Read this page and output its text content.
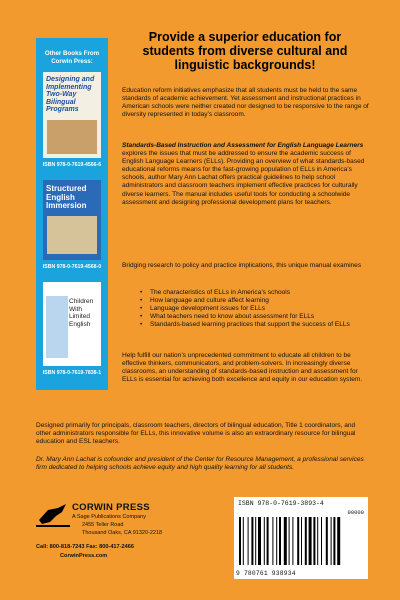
Other Books From Corwin Press:
Designing and Implementing Two-Way Bilingual Programs
ISBN 978-0-7619-4566-6
Structured English Immersion
ISBN 978-0-7619-4568-0
Children With Limited English
ISBN 978-0-7619-7838-1
Provide a superior education for students from diverse cultural and linguistic backgrounds!

Education reform initiatives emphasize that all students must be held to the same standards of academic achievement. Yet assessment and instructional practices in American schools were neither created nor designed to be responsive to the range of diversity represented in today’s classroom.

Standards-Based Instruction and Assessment for English Language Learners explores the issues that must be addressed to ensure the academic success of English Language Learners (ELLs). Providing an overview of what standards-based educational reforms means for the fast-growing population of ELLs in America’s schools, author Mary Ann Lachat offers practical guidelines to help school administrators and classroom teachers implement effective practices for culturally diverse learners. The manual includes useful tools for conducting a schoolwide assessment and designing professional development plans for teachers.

Bridging research to policy and practice implications, this unique manual examines

• The characteristics of ELLs in America’s schools
• How language and culture affect learning
• Language development issues for ELLs
• What teachers need to know about assessment for ELLs
• Standards-based learning practices that support the success of ELLs

Help fulfill our nation’s unprecedented commitment to educate all children to be effective thinkers, communicators, and problem-solvers. In increasingly diverse classrooms, an understanding of standards-based instruction and assessment for ELLs is essential for achieving both excellence and equity in our education system.

Designed primarily for principals, classroom teachers, directors of bilingual education, Title 1 coordinators, and other administrators responsible for ELLs, this innovative volume is also an extraordinary resource for bilingual education and ESL teachers.

Dr. Mary Ann Lachat is cofounder and president of the Center for Resource Management, a professional services firm dedicated to helping schools achieve equity and high quality learning for all students.

CORWIN PRESS
A Sage Publications Company
2455 Teller Road
Thousand Oaks, CA 91320-2218
Call: 800-818-7243 Fax: 800-417-2466
CorwinPress.com
ISBN 978-0-7619-3893-4
90000
9 780761 938934
